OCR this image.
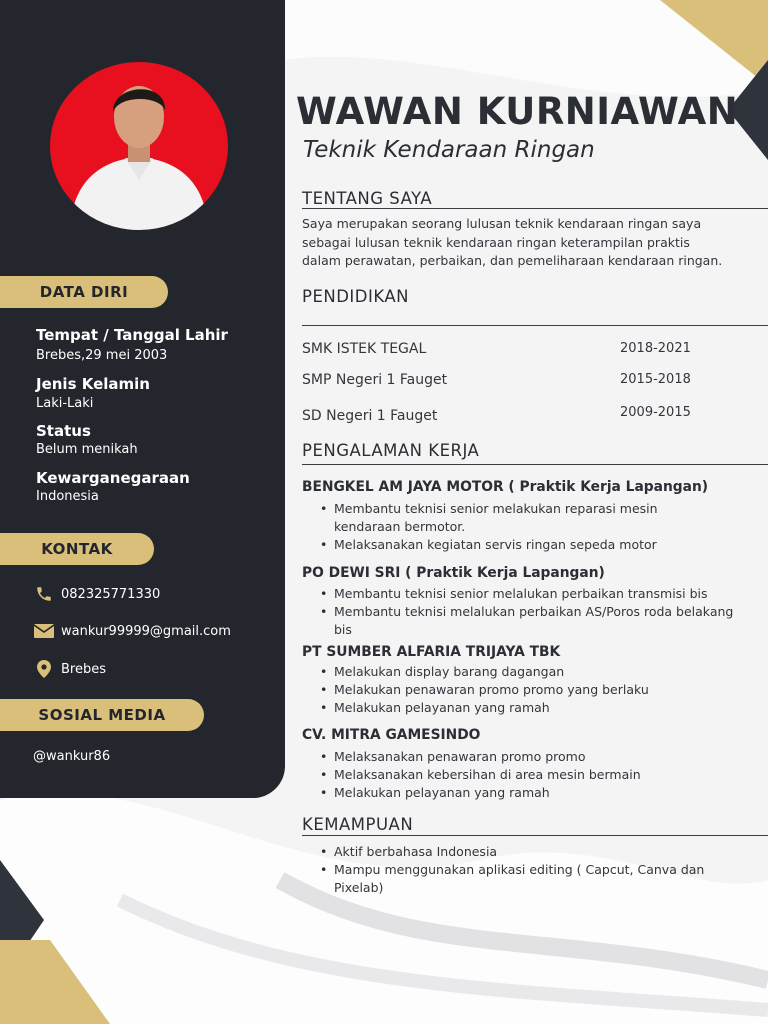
DATA DIRI
Tempat / Tanggal Lahir
Brebes,29 mei 2003
Jenis Kelamin
Laki-Laki
Status
Belum menikah
Kewarganegaraan
Indonesia
KONTAK
082325771330
wankur99999@gmail.com
Brebes
SOSIAL MEDIA
@wankur86
WAWAN KURNIAWAN
Teknik Kendaraan Ringan
TENTANG SAYA
Saya merupakan seorang lulusan teknik kendaraan ringan saya
sebagai lulusan teknik kendaraan ringan keterampilan praktis
dalam perawatan, perbaikan, dan pemeliharaan kendaraan ringan.
PENDIDIKAN
SMK ISTEK TEGAL	2018-2021
SMP Negeri 1 Fauget	2015-2018
SD Negeri 1 Fauget	2009-2015
PENGALAMAN KERJA
BENGKEL AM JAYA MOTOR ( Praktik Kerja Lapangan)
• Membantu teknisi senior melakukan reparasi mesin kendaraan bermotor.
• Melaksanakan kegiatan servis ringan sepeda motor
PO DEWI SRI ( Praktik Kerja Lapangan)
• Membantu teknisi senior melalukan perbaikan transmisi bis
• Membantu teknisi melalukan perbaikan AS/Poros roda belakang bis
PT SUMBER ALFARIA TRIJAYA TBK
• Melakukan display barang dagangan
• Melakukan penawaran promo promo yang berlaku
• Melakukan pelayanan yang ramah
CV. MITRA GAMESINDO
• Melaksanakan penawaran promo promo
• Melaksanakan kebersihan di area mesin bermain
• Melakukan pelayanan yang ramah
KEMAMPUAN
• Aktif berbahasa Indonesia
• Mampu menggunakan aplikasi editing ( Capcut, Canva dan Pixelab)
